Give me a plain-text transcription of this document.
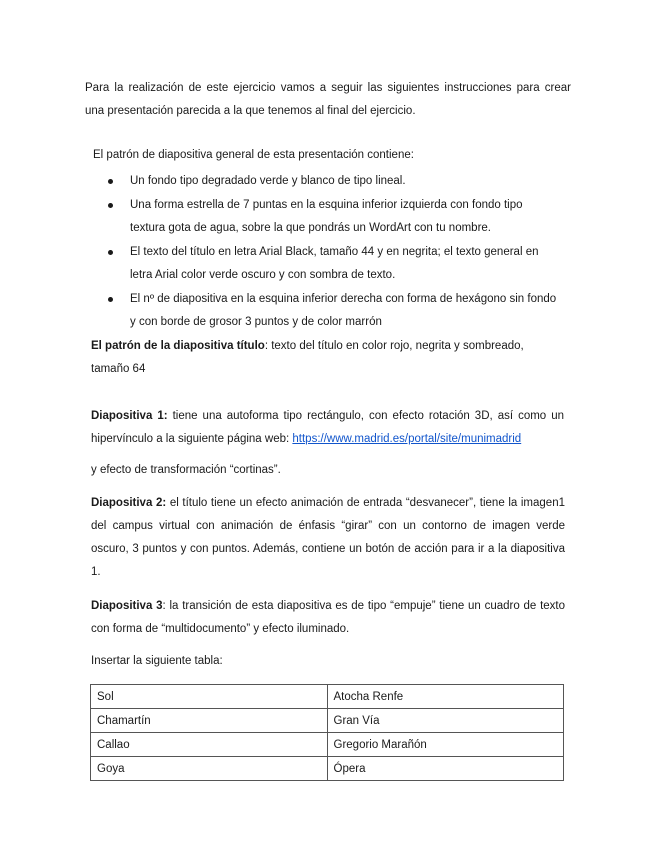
Para la realización de este ejercicio vamos a seguir las siguientes instrucciones para crear

una presentación parecida a la que tenemos al final del ejercicio.

El patrón de diapositiva general de esta presentación contiene:

Un fondo tipo degradado verde y blanco de tipo lineal.
Una forma estrella de 7 puntas en la esquina inferior izquierda con fondo tipo textura gota de agua, sobre la que pondrás un WordArt con tu nombre.
El texto del título en letra Arial Black, tamaño 44 y en negrita; el texto general en letra Arial color verde oscuro y con sombra de texto.
El nº de diapositiva en la esquina inferior derecha con forma de hexágono sin fondo y con borde de grosor 3 puntos y de color marrón

El patrón de la diapositiva título: texto del título en color rojo, negrita y sombreado, tamaño 64

Diapositiva 1: tiene una autoforma tipo rectángulo, con efecto rotación 3D, así como un hipervínculo a la siguiente página web: https://www.madrid.es/portal/site/munimadrid

y efecto de transformación “cortinas”.

Diapositiva 2: el título tiene un efecto animación de entrada “desvanecer”, tiene la imagen1 del campus virtual con animación de énfasis “girar” con un contorno de imagen verde oscuro, 3 puntos y con puntos. Además, contiene un botón de acción para ir a la diapositiva 1.

Diapositiva 3: la transición de esta diapositiva es de tipo “empuje” tiene un cuadro de texto con forma de “multidocumento” y efecto iluminado.

Insertar la siguiente tabla:

Sol	Atocha Renfe
Chamartín	Gran Vía
Callao	Gregorio Marañón
Goya	Ópera
